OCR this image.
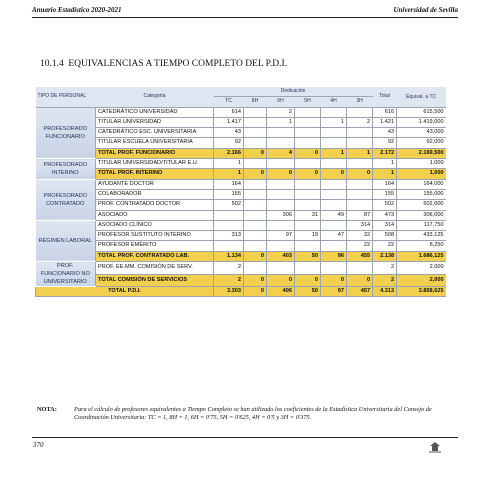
Anuario Estadístico 2020-2021	Universidad de Sevilla
10.1.4 EQUIVALENCIAS A TIEMPO COMPLETO DEL P.D.I.
TIPO DE PERSONAL	Categoría	Dedicación						Total	Equival. a TC
		TC	8H	6H	5H	4H	3H		
PROFESORADO FUNCIONARIO	CATEDRÁTICO UNIVERSIDAD	614		2				616	615,500
	TITULAR UNIVERSIDAD	1.417		1		1	2	1.421	1.419,000
	CATEDRÁTICO ESC. UNIVERSITARIA	43						43	43,000
	TITULAR ESCUELA UNIVERSITARIA	92						92	92,000
	TOTAL PROF. FUNCIONARIO	2.166	0	4	0	1	1	2.172	2.169,500
PROFESORADO INTERINO	TITULAR UNIVERSIDAD/TITULAR E.U.	1						1	1,000
	TOTAL PROF. INTERINO	1	0	0	0	0	0	1	1,000
PROFESORADO CONTRATADO	AYUDANTE DOCTOR	164						164	164,000
	COLABORADOR	155						155	155,000
	PROF. CONTRATADO DOCTOR	502						502	502,000
	ASOCIADO			306	31	49	87	473	306,000
RÉGIMEN LABORAL	ASOCIADO CLÍNICO						314	314	117,750
	PROFESOR SUSTITUTO INTERINO	313		97	19	47	32	508	433,125
	PROFESOR EMÉRITO						22	22	8,250
	TOTAL PROF. CONTRATADO LAB.	1.134	0	403	50	96	455	2.138	1.686,125
PROF. FUNCIONARIO NO UNIVERSITARIO	PROF. EE.MM. COMISIÓN DE SERV.	2						2	2,000
	TOTAL COMISIÓN DE SERVICIOS	2	0	0	0	0	0	2	2,000
TOTAL P.D.I.		3.303	0	406	50	97	457	4.313	3.858,625
NOTA:	Para el cálculo de profesores equivalentes a Tiempo Completo se han utilizado los coeficientes de la Estadística Universitaria del Consejo de Coordinación Universitaria: TC = 1, 8H = 1, 6H = 0'75, 5H = 0'625, 4H = 0'5 y 3H = 0'375.
370
